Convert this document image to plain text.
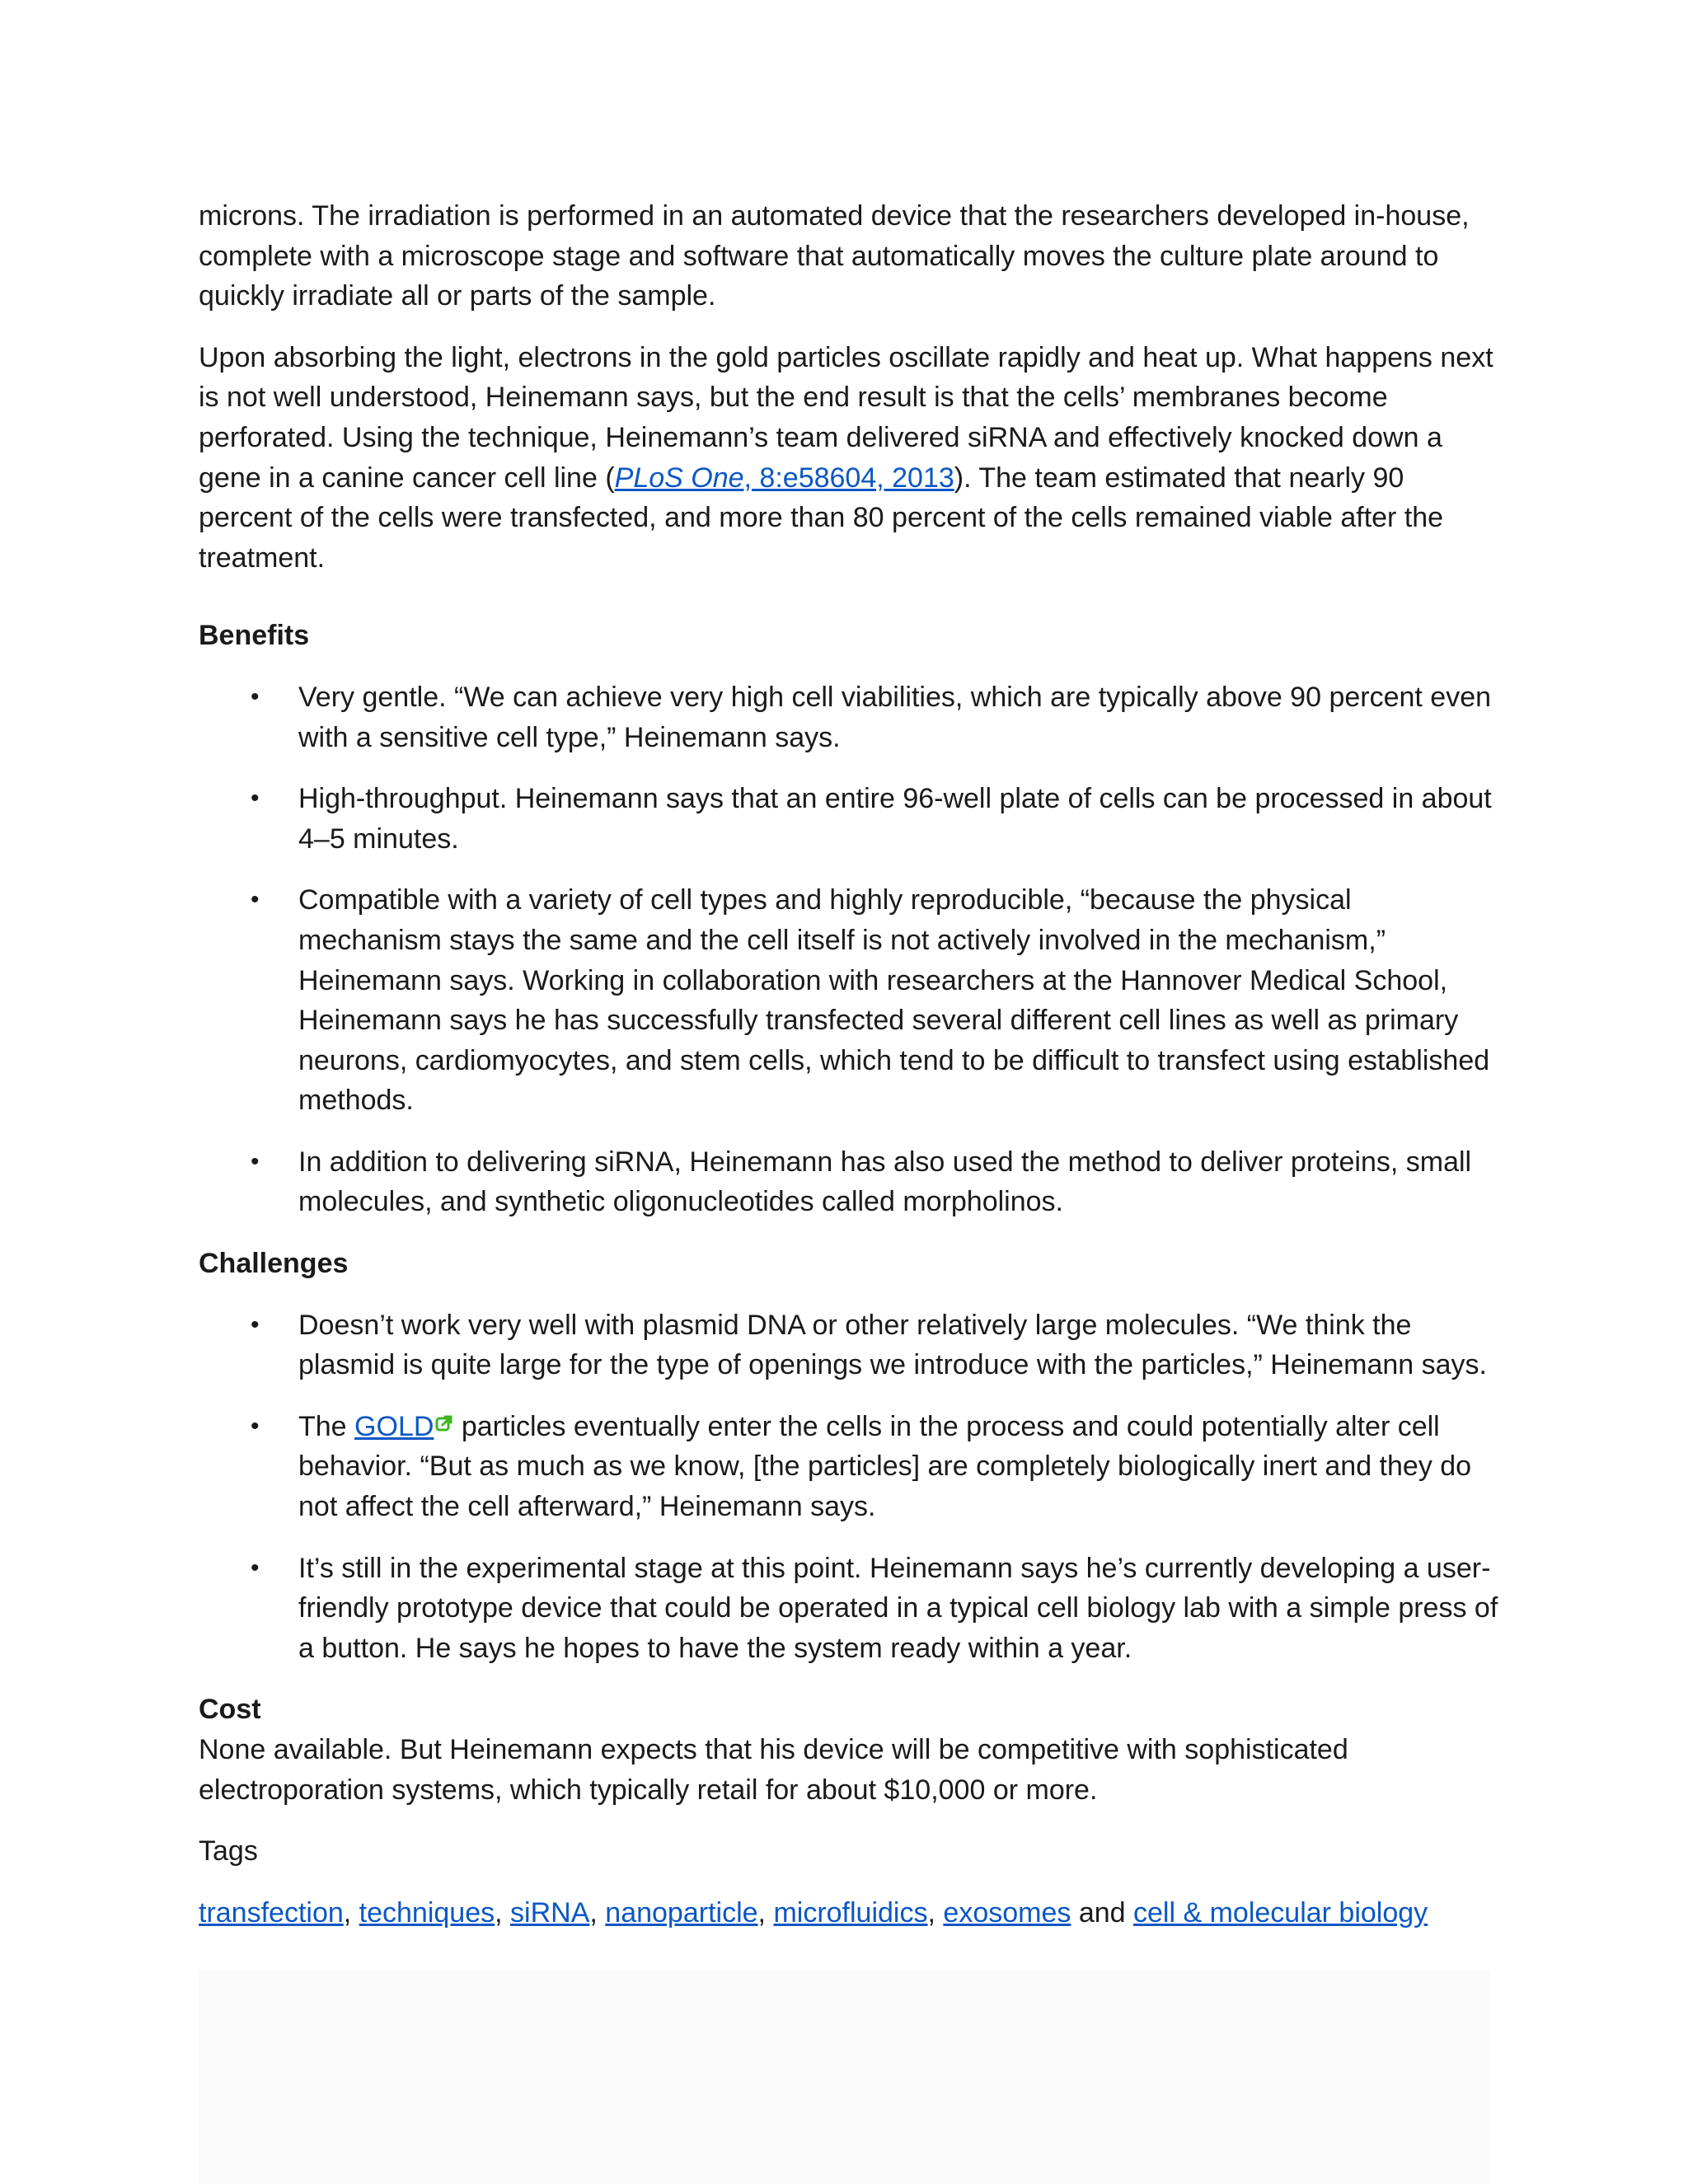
microns. The irradiation is performed in an automated device that the researchers developed in-house, complete with a microscope stage and software that automatically moves the culture plate around to quickly irradiate all or parts of the sample.

Upon absorbing the light, electrons in the gold particles oscillate rapidly and heat up. What happens next is not well understood, Heinemann says, but the end result is that the cells’ membranes become perforated. Using the technique, Heinemann’s team delivered siRNA and effectively knocked down a gene in a canine cancer cell line (PLoS One, 8:e58604, 2013). The team estimated that nearly 90 percent of the cells were transfected, and more than 80 percent of the cells remained viable after the treatment.

Benefits

• Very gentle. “We can achieve very high cell viabilities, which are typically above 90 percent even with a sensitive cell type,” Heinemann says.
• High-throughput. Heinemann says that an entire 96-well plate of cells can be processed in about 4–5 minutes.
• Compatible with a variety of cell types and highly reproducible, “because the physical mechanism stays the same and the cell itself is not actively involved in the mechanism,” Heinemann says. Working in collaboration with researchers at the Hannover Medical School, Heinemann says he has successfully transfected several different cell lines as well as primary neurons, cardiomyocytes, and stem cells, which tend to be difficult to transfect using established methods.
• In addition to delivering siRNA, Heinemann has also used the method to deliver proteins, small molecules, and synthetic oligonucleotides called morpholinos.

Challenges

• Doesn’t work very well with plasmid DNA or other relatively large molecules. “We think the plasmid is quite large for the type of openings we introduce with the particles,” Heinemann says.
• The GOLD particles eventually enter the cells in the process and could potentially alter cell behavior. “But as much as we know, [the particles] are completely biologically inert and they do not affect the cell afterward,” Heinemann says.
• It’s still in the experimental stage at this point. Heinemann says he’s currently developing a user-friendly prototype device that could be operated in a typical cell biology lab with a simple press of a button. He says he hopes to have the system ready within a year.

Cost

None available. But Heinemann expects that his device will be competitive with sophisticated electroporation systems, which typically retail for about $10,000 or more.

Tags

transfection, techniques, siRNA, nanoparticle, microfluidics, exosomes and cell & molecular biology
